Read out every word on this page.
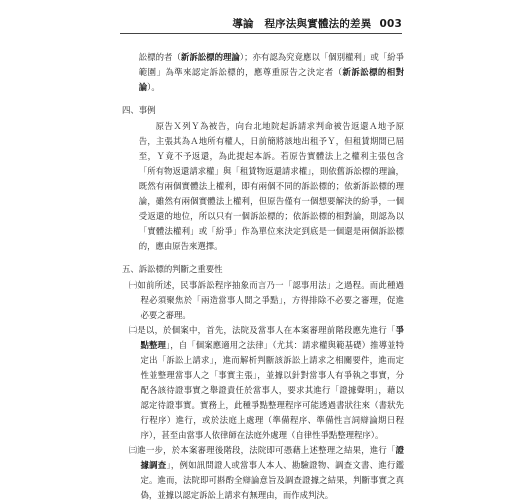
導論　程序法與實體法的差異 003

訟標的者（新訴訟標的理論）；亦有認為究竟應以「個別權利」或「紛爭範圍」為準來認定訴訟標的，應尊重原告之決定者（新訴訟標的相對論）。

四、事例

原告Ｘ列Ｙ為被告，向台北地院起訴請求判命被告返還Ａ地予原告，主張其為Ａ地所有權人，日前簡將該地出租予Ｙ，但租賃期間已屆至，Ｙ竟不予返還，為此提起本訴。若原告實體法上之權利主張包含「所有物返還請求權」與「租賃物返還請求權」，則依舊訴訟標的理論，既然有兩個實體法上權利，即有兩個不同的訴訟標的；依新訴訟標的理論，雖然有兩個實體法上權利，但原告僅有一個想要解決的紛爭，一個受返還的地位，所以只有一個訴訟標的；依訴訟標的相對論，則認為以「實體法權利」或「紛爭」作為單位來決定到底是一個還是兩個訴訟標的，應由原告來選擇。

五、訴訟標的判斷之重要性

㈠如前所述，民事訴訟程序抽象而言乃一「認事用法」之過程。而此種過程必須聚焦於「兩造當事人間之爭點」，方得排除不必要之審理，促進必要之審理。

㈡是以，於個案中，首先，法院及當事人在本案審理前階段應先進行「爭點整理」，自「個案應適用之法律」（尤其：請求權與範基礎）推導並特定出「訴訟上請求」，進而解析判斷該訴訟上請求之相關要件，進而定性並整理當事人之「事實主張」，並據以針對當事人有爭執之事實，分配各該待證事實之舉證責任於當事人，要求其進行「證據聲明」，藉以認定待證事實。實務上，此種爭點整理程序可能透過書狀往來（書狀先行程序）進行，或於法庭上處理（準備程序、準備性言詞辯論期日程序），甚至由當事人依律師在法庭外處理（自律性爭點整理程序）。

㈢進一步，於本案審理後階段，法院即可憑藉上述整理之結果，進行「證據調查」，例如訊問證人或當事人本人、勘驗證物、調查文書、進行鑑定。進而，法院即可斟酌全辯論意旨及調查證據之結果，判斷事實之真偽，並據以認定訴訟上請求有無理由，而作成判決。
